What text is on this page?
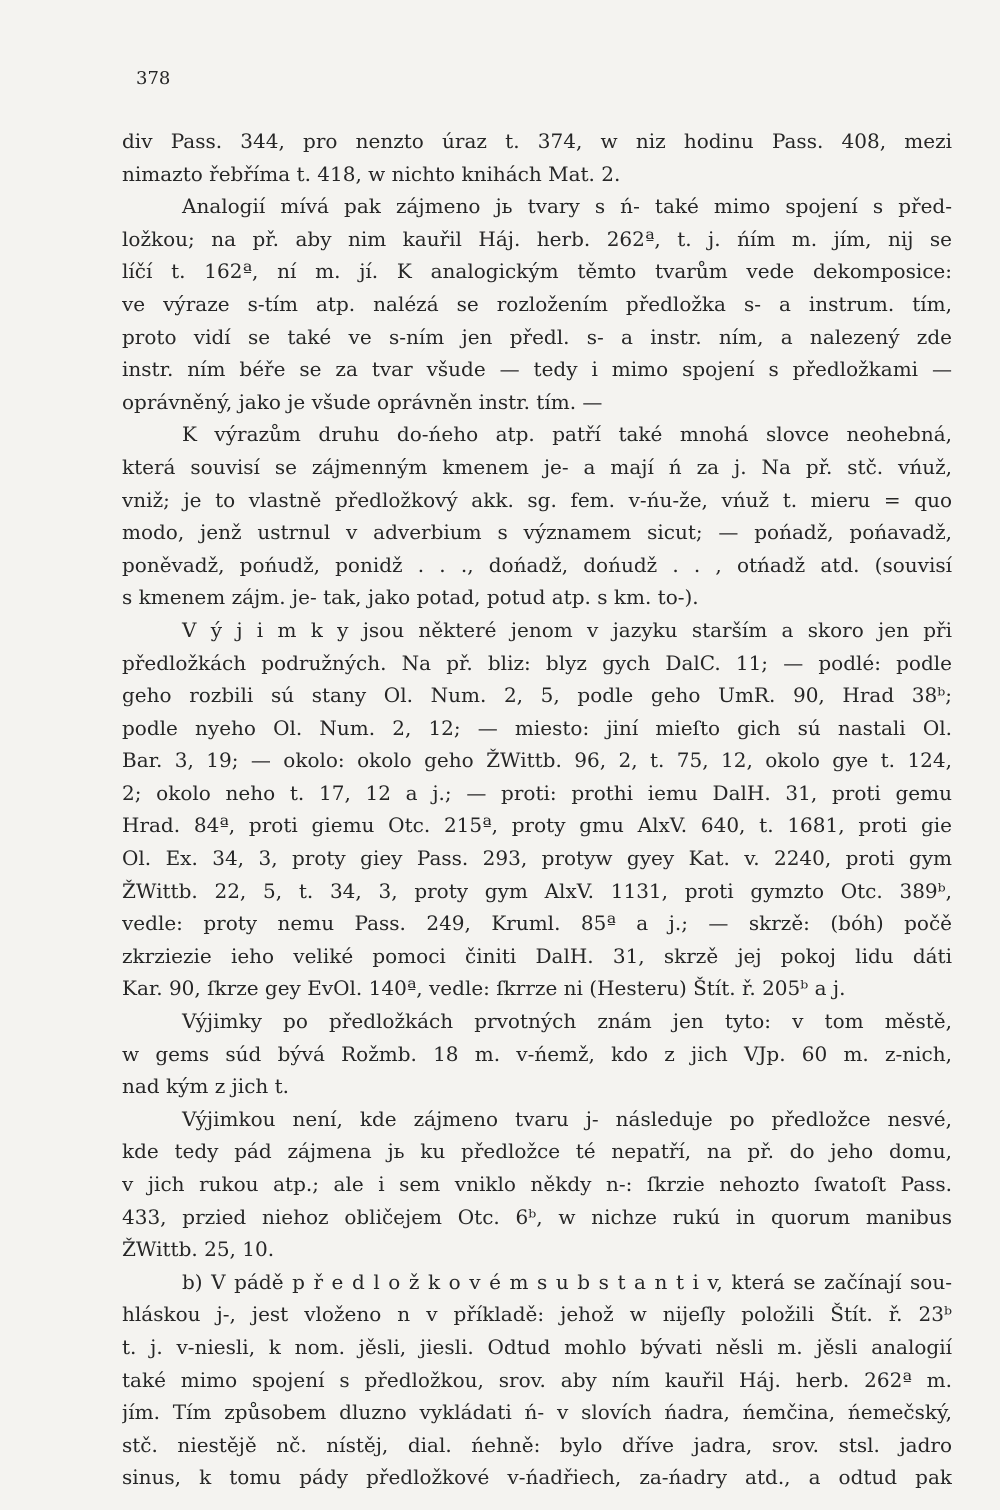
378
div Pass. 344, pro nenzto úraz t. 374, w niz hodinu Pass. 408, mezi
nimazto řebříma t. 418, w nichto knihách Mat. 2.
Analogií mívá pak zájmeno jь tvary s ń- také mimo spojení s před-
ložkou; na př. aby nim kauřil Háj. herb. 262ª, t. j. ńím m. jím, nij se
líčí t. 162ª, ní m. jí. K analogickým těmto tvarům vede dekomposice:
ve výraze s-tím atp. nalézá se rozložením předložka s- a instrum. tím,
proto vidí se také ve s-ním jen předl. s- a instr. ním, a nalezený zde
instr. ním béře se za tvar všude — tedy i mimo spojení s předložkami —
oprávněný, jako je všude oprávněn instr. tím. —
K výrazům druhu do-ńeho atp. patří také mnohá slovce neohebná,
která souvisí se zájmenným kmenem je- a mají ń za j. Na př. stč. vńuž,
vniž; je to vlastně předložkový akk. sg. fem. v-ńu-že, vńuž t. mieru = quo
modo, jenž ustrnul v adverbium s významem sicut; — pońadž, pońavadž,
poněvadž, pońudž, ponidž . . ., dońadž, dońudž . . , otńadž atd. (souvisí
s kmenem zájm. je- tak, jako potad, potud atp. s km. to-).
V ý j i m k y jsou některé jenom v jazyku starším a skoro jen při
předložkách podružných. Na př. bliz: blyz gych DalC. 11; — podlé: podle
geho rozbili sú stany Ol. Num. 2, 5, podle geho UmR. 90, Hrad 38ᵇ;
podle nyeho Ol. Num. 2, 12; — miesto: jiní mieſto gich sú nastali Ol.
Bar. 3, 19; — okolo: okolo geho ŽWittb. 96, 2, t. 75, 12, okolo gye t. 124,
2; okolo neho t. 17, 12 a j.; — proti: prothi iemu DalH. 31, proti gemu
Hrad. 84ª, proti giemu Otc. 215ª, proty gmu AlxV. 640, t. 1681, proti gie
Ol. Ex. 34, 3, proty giey Pass. 293, protyw gyey Kat. v. 2240, proti gym
ŽWittb. 22, 5, t. 34, 3, proty gym AlxV. 1131, proti gymzto Otc. 389ᵇ,
vedle: proty nemu Pass. 249, Kruml. 85ª a j.; — skrzě: (bóh) počě
zkrziezie ieho veliké pomoci činiti DalH. 31, skrzě jej pokoj lidu dáti
Kar. 90, ſkrze gey EvOl. 140ª, vedle: ſkrrze ni (Hesteru) Štít. ř. 205ᵇ a j.
Výjimky po předložkách prvotných znám jen tyto: v tom městě,
w gems súd bývá Rožmb. 18 m. v-ńemž, kdo z jich VJp. 60 m. z-nich,
nad kým z jich t.
Výjimkou není, kde zájmeno tvaru j- následuje po předložce nesvé,
kde tedy pád zájmena jь ku předložce té nepatří, na př. do jeho domu,
v jich rukou atp.; ale i sem vniklo někdy n-: ſkrzie nehozto ſwatoſt Pass.
433, przied niehoz obličejem Otc. 6ᵇ, w nichze rukú in quorum manibus
ŽWittb. 25, 10.
b) V pádě p ř e d l o ž k o v é m s u b s t a n t i v, která se začínají sou-
hláskou j-, jest vloženo n v příkladě: jehož w nijeſly položili Štít. ř. 23ᵇ
t. j. v-niesli, k nom. jěsli, jiesli. Odtud mohlo bývati něsli m. jěsli analogií
také mimo spojení s předložkou, srov. aby ním kauřil Háj. herb. 262ª m.
jím. Tím způsobem dluzno vykládati ń- v slovích ńadra, ńemčina, ńemečský,
stč. niestějě nč. nístěj, dial. ńehně: bylo dříve jadra, srov. stsl. jadro
sinus, k tomu pády předložkové v-ńadřiech, za-ńadry atd., a odtud pak
